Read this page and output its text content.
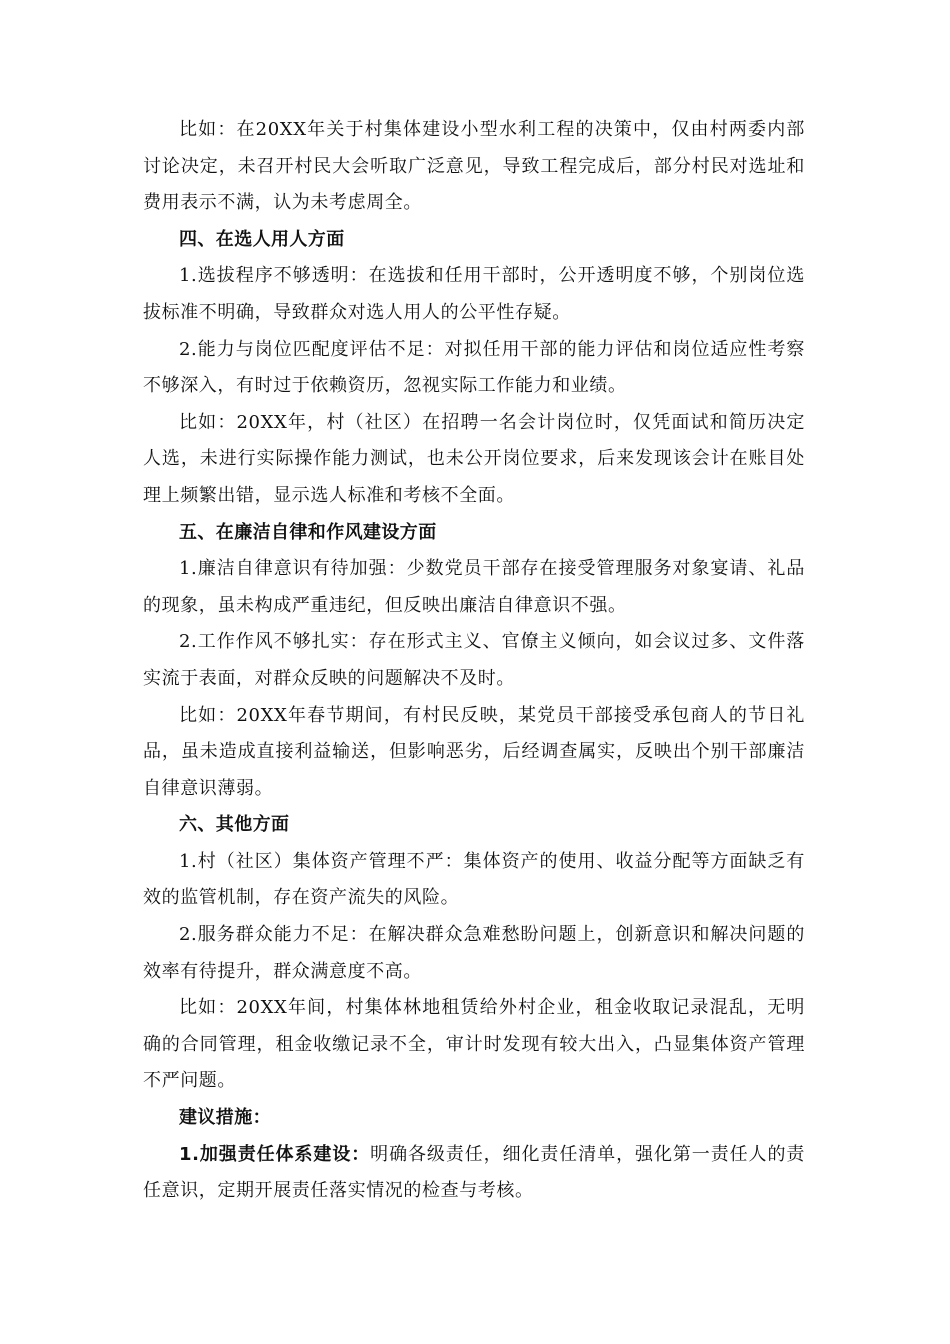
比如：在20XX年关于村集体建设小型水利工程的决策中，仅由村两委内部讨论决定，未召开村民大会听取广泛意见，导致工程完成后，部分村民对选址和费用表示不满，认为未考虑周全。

四、在选人用人方面

1.选拔程序不够透明：在选拔和任用干部时，公开透明度不够，个别岗位选拔标准不明确，导致群众对选人用人的公平性存疑。

2.能力与岗位匹配度评估不足：对拟任用干部的能力评估和岗位适应性考察不够深入，有时过于依赖资历，忽视实际工作能力和业绩。

比如：20XX年，村（社区）在招聘一名会计岗位时，仅凭面试和简历决定人选，未进行实际操作能力测试，也未公开岗位要求，后来发现该会计在账目处理上频繁出错，显示选人标准和考核不全面。

五、在廉洁自律和作风建设方面

1.廉洁自律意识有待加强：少数党员干部存在接受管理服务对象宴请、礼品的现象，虽未构成严重违纪，但反映出廉洁自律意识不强。

2.工作作风不够扎实：存在形式主义、官僚主义倾向，如会议过多、文件落实流于表面，对群众反映的问题解决不及时。

比如：20XX年春节期间，有村民反映，某党员干部接受承包商人的节日礼品，虽未造成直接利益输送，但影响恶劣，后经调查属实，反映出个别干部廉洁自律意识薄弱。

六、其他方面

1.村（社区）集体资产管理不严：集体资产的使用、收益分配等方面缺乏有效的监管机制，存在资产流失的风险。

2.服务群众能力不足：在解决群众急难愁盼问题上，创新意识和解决问题的效率有待提升，群众满意度不高。

比如：20XX年间，村集体林地租赁给外村企业，租金收取记录混乱，无明确的合同管理，租金收缴记录不全，审计时发现有较大出入，凸显集体资产管理不严问题。

建议措施：

1.加强责任体系建设：明确各级责任，细化责任清单，强化第一责任人的责任意识，定期开展责任落实情况的检查与考核。
